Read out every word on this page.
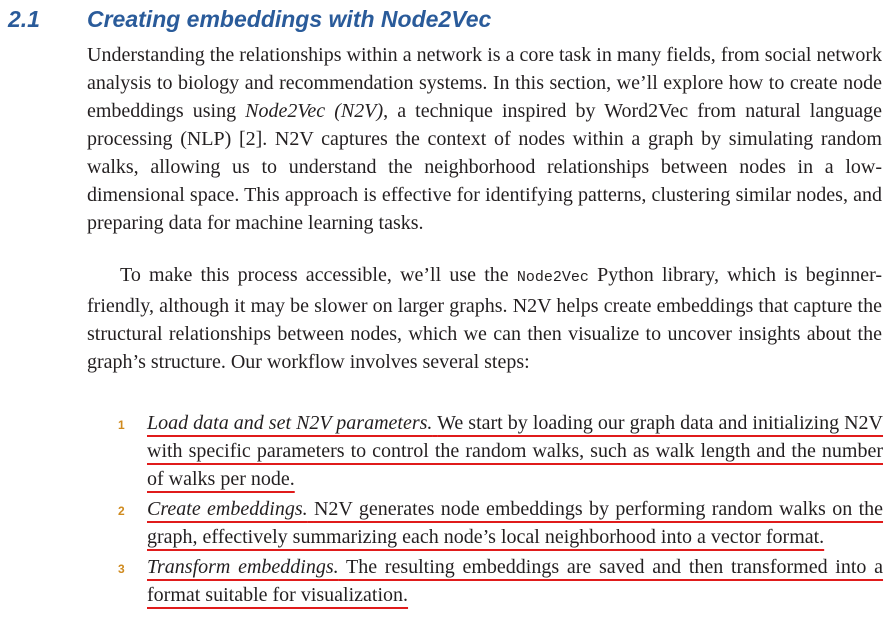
2.1 Creating embeddings with Node2Vec

Understanding the relationships within a network is a core task in many fields, from social network analysis to biology and recommendation systems. In this section, we’ll explore how to create node embeddings using Node2Vec (N2V), a technique inspired by Word2Vec from natural language processing (NLP) [2]. N2V captures the context of nodes within a graph by simulating random walks, allowing us to understand the neighborhood relationships between nodes in a low-dimensional space. This approach is effective for identifying patterns, clustering similar nodes, and preparing data for machine learning tasks.

To make this process accessible, we’ll use the Node2Vec Python library, which is beginner-friendly, although it may be slower on larger graphs. N2V helps create embeddings that capture the structural relationships between nodes, which we can then visualize to uncover insights about the graph’s structure. Our workflow involves several steps:

1 Load data and set N2V parameters. We start by loading our graph data and initializing N2V with specific parameters to control the random walks, such as walk length and the number of walks per node.
2 Create embeddings. N2V generates node embeddings by performing random walks on the graph, effectively summarizing each node’s local neighborhood into a vector format.
3 Transform embeddings. The resulting embeddings are saved and then transformed into a format suitable for visualization.
